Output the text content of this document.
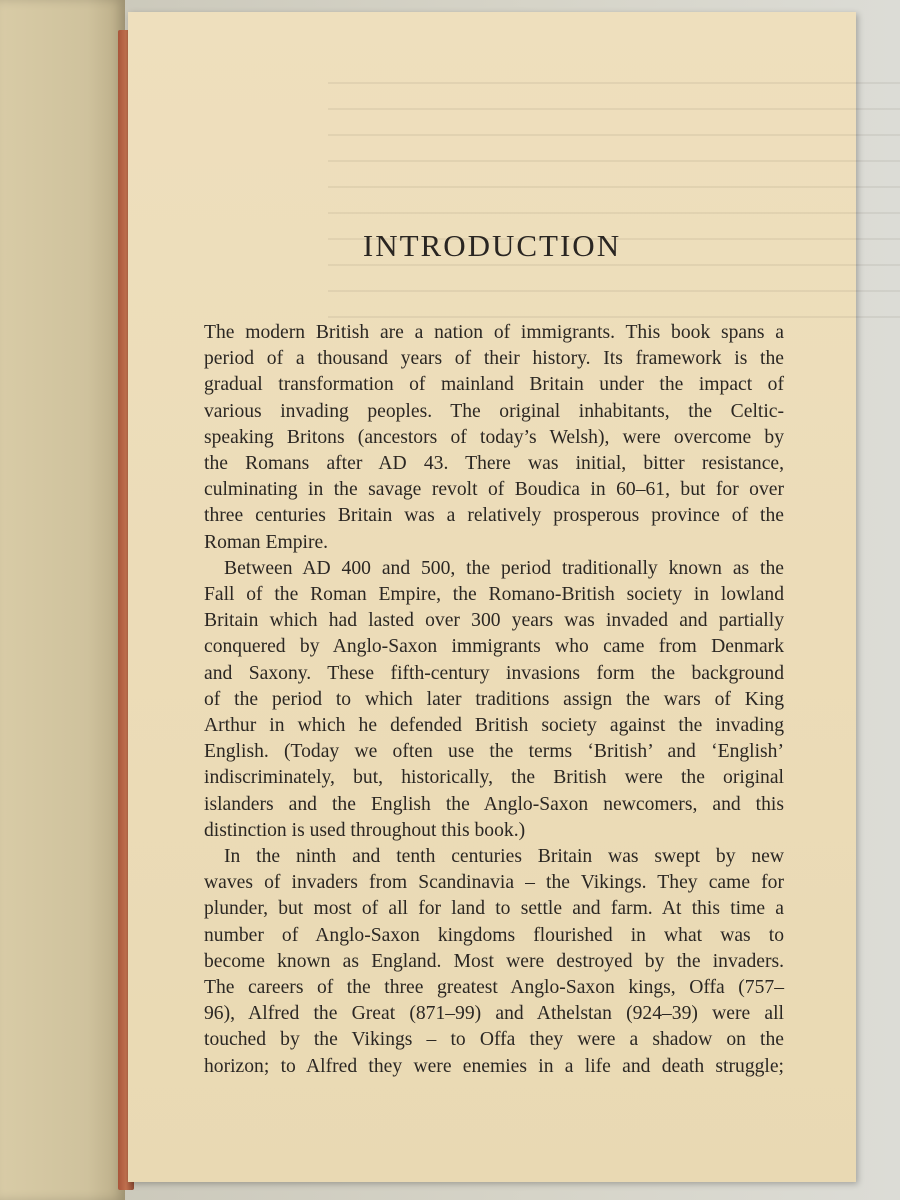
INTRODUCTION
The modern British are a nation of immigrants. This book spans a
period of a thousand years of their history. Its framework is the
gradual transformation of mainland Britain under the impact of
various invading peoples. The original inhabitants, the Celtic-
speaking Britons (ancestors of today’s Welsh), were overcome by
the Romans after AD 43. There was initial, bitter resistance,
culminating in the savage revolt of Boudica in 60–61, but for over
three centuries Britain was a relatively prosperous province of the
Roman Empire.
Between AD 400 and 500, the period traditionally known as the
Fall of the Roman Empire, the Romano-British society in lowland
Britain which had lasted over 300 years was invaded and partially
conquered by Anglo-Saxon immigrants who came from Denmark
and Saxony. These fifth-century invasions form the background
of the period to which later traditions assign the wars of King
Arthur in which he defended British society against the invading
English. (Today we often use the terms ‘British’ and ‘English’
indiscriminately, but, historically, the British were the original
islanders and the English the Anglo-Saxon newcomers, and this
distinction is used throughout this book.)
In the ninth and tenth centuries Britain was swept by new
waves of invaders from Scandinavia – the Vikings. They came for
plunder, but most of all for land to settle and farm. At this time a
number of Anglo-Saxon kingdoms flourished in what was to
become known as England. Most were destroyed by the invaders.
The careers of the three greatest Anglo-Saxon kings, Offa (757–
96), Alfred the Great (871–99) and Athelstan (924–39) were all
touched by the Vikings – to Offa they were a shadow on the
horizon; to Alfred they were enemies in a life and death struggle;
